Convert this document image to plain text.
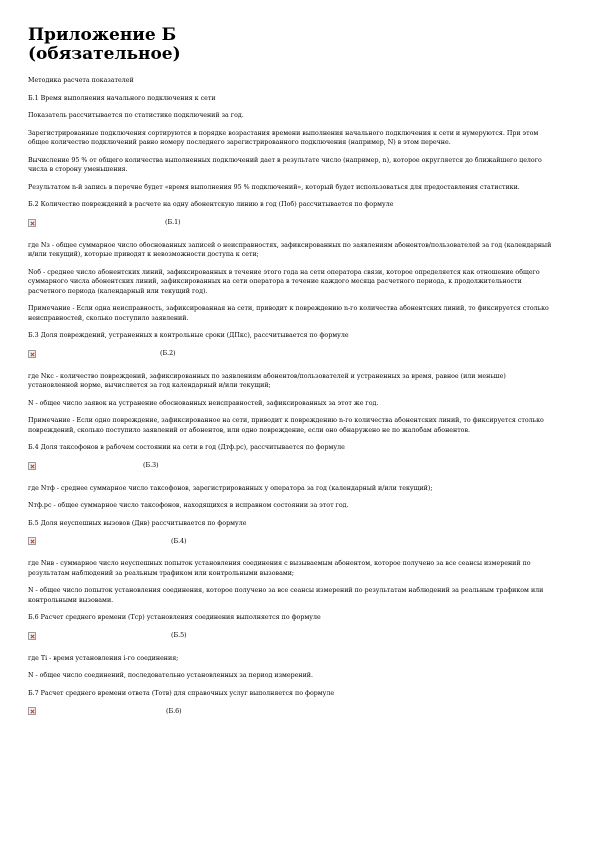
Приложение Б
(обязательное)

Методика расчета показателей

Б.1 Время выполнения начального подключения к сети

Показатель рассчитывается по статистике подключений за год.

Зарегистрированные подключения сортируются в порядке возрастания времени выполнения начального подключения к сети и нумеруются. При этом общее количество подключений равно номеру последнего зарегистрированного подключения (например, N) в этом перечне.

Вычисление 95 % от общего количества выполненных подключений дает в результате число (например, n), которое округляется до ближайшего целого числа в сторону уменьшения.

Результатом n-й запись в перечне будет «время выполнения 95 % подключений», который будет использоваться для предоставления статистики.

Б.2 Количество повреждений в расчете на одну абонентскую линию в год (Поб) рассчитывается по формуле

(Б.1)

где Nз - общее суммарное число обоснованных записей о неисправностях, зафиксированных по заявлениям абонентов/пользователей за год (календарный и/или текущий), которые приводят к невозможности доступа к сети;

Nоб - среднее число абонентских линий, зафиксированных в течение этого года на сети оператора связи, которое определяется как отношение общего суммарного числа абонентских линий, зафиксированных на сети оператора в течение каждого месяца расчетного периода, к продолжительности расчетного периода (календарный или текущий год).

Примечание - Если одна неисправность, зафиксированная на сети, приводит к повреждению n-го количества абонентских линий, то фиксируется столько неисправностей, сколько поступило заявлений.

Б.3 Доля повреждений, устраненных в контрольные сроки (ДПкс), рассчитывается по формуле

(Б.2)

где Nкс - количество повреждений, зафиксированных по заявлениям абонентов/пользователей и устраненных за время, равное (или меньше) установленной норме, вычисляется за год календарный и/или текущий;

N - общее число заявок на устранение обоснованных неисправностей, зафиксированных за этот же год.

Примечание - Если одно повреждение, зафиксированное на сети, приводит к повреждению n-го количества абонентских линий, то фиксируется столько повреждений, сколько поступило заявлений от абонентов, или одно повреждение, если оно обнаружено не по жалобам абонентов.

Б.4 Доля таксофонов в рабочем состоянии на сети в год (Дтф.рс), рассчитывается по формуле

(Б.3)

где Nтф - среднее суммарное число таксофонов, зарегистрированных у оператора за год (календарный и/или текущий);

Nтф.рс - общее суммарное число таксофонов, находящихся в исправном состоянии за этот год.

Б.5 Доля неуспешных вызовов (Днв) рассчитывается по формуле

(Б.4)

где Nнв - суммарное число неуспешных попыток установления соединения с вызываемым абонентом, которое получено за все сеансы измерений по результатам наблюдений за реальным трафиком или контрольными вызовами;

N - общее число попыток установления соединения, которое получено за все сеансы измерений по результатам наблюдений за реальным трафиком или контрольными вызовами.

Б.6 Расчет среднего времени (Тср) установления соединения выполняется по формуле

(Б.5)

где Ti - время установления i-го соединения;

N - общее число соединений, последовательно установленных за период измерений.

Б.7 Расчет среднего времени ответа (Тотв) для справочных услуг выполняется по формуле

(Б.6)
